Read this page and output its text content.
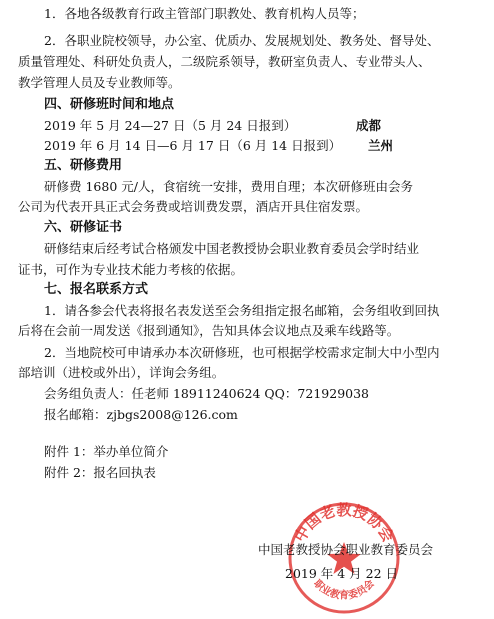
1．各地各级教育行政主管部门职教处、教育机构人员等；
2．各职业院校领导，办公室、优质办、发展规划处、教务处、督导处、
质量管理处、科研处负责人，二级院系领导，教研室负责人、专业带头人、
教学管理人员及专业教师等。
四、研修班时间和地点
2019 年 5 月 24—27 日（5 月 24 日报到）	成都
2019 年 6 月 14 日—6 月 17 日（6 月 14 日报到） 兰州
五、研修费用
研修费 1680 元/人，食宿统一安排，费用自理；本次研修班由会务
公司为代表开具正式会务费或培训费发票，酒店开具住宿发票。
六、研修证书
研修结束后经考试合格颁发中国老教授协会职业教育委员会学时结业
证书，可作为专业技术能力考核的依据。
七、报名联系方式
1．请各参会代表将报名表发送至会务组指定报名邮箱，会务组收到回执
后将在会前一周发送《报到通知》，告知具体会议地点及乘车线路等。
2．当地院校可申请承办本次研修班，也可根据学校需求定制大中小型内
部培训（进校或外出），详询会务组。
会务组负责人：任老师 18911240624 QQ：721929038
报名邮箱：zjbgs2008@126.com
附件 1：举办单位简介
附件 2：报名回执表
中国老教授协会
职业教育委员会
中国老教授协会职业教育委员会
2019 年 4 月 22 日
